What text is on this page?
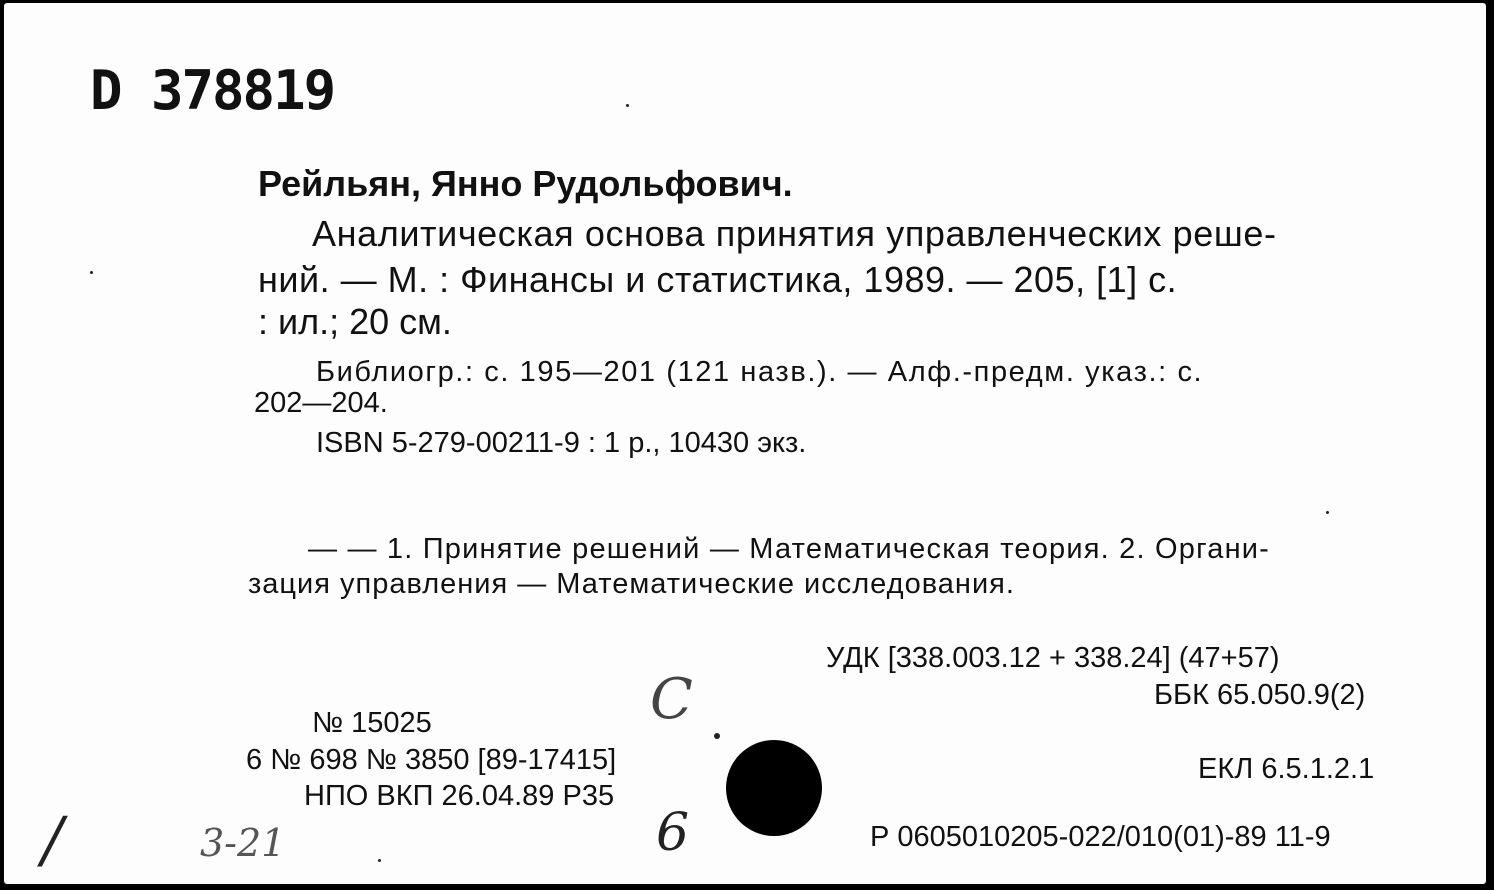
D 378819
Рейльян, Янно Рудольфович.
Аналитическая основа принятия управленческих реше-
ний. — М. : Финансы и статистика, 1989. — 205, [1] с.
: ил.; 20 см.
Библиогр.: с. 195—201 (121 назв.). — Алф.-предм. указ.: с.
202—204.
ISBN 5-279-00211-9 : 1 р., 10430 экз.
— — 1. Принятие решений — Математическая теория. 2. Органи-
зация управления — Математические исследования.
УДК [338.003.12 + 338.24] (47+57)
ББК 65.050.9(2)
ЕКЛ 6.5.1.2.1
Р 0605010205-022/010(01)-89 11-9
№ 15025
6 № 698 № 3850 [89-17415]
НПО ВКП 26.04.89 Р35
С
6
/	3-21
